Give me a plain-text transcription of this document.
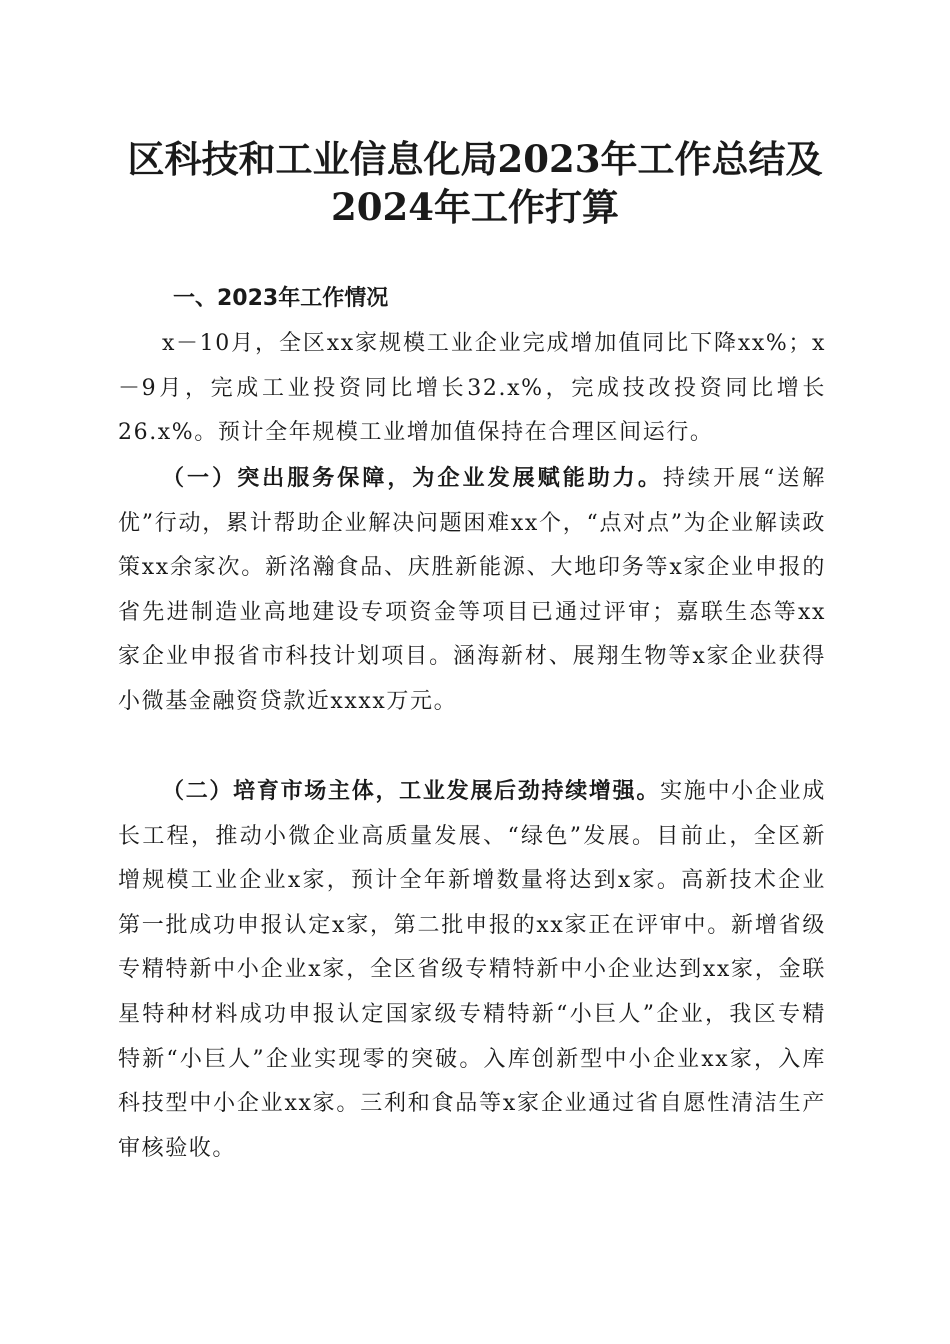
区科技和工业信息化局2023年工作总结及
2024年工作打算
一、2023年工作情况

x－10月，全区xx家规模工业企业完成增加值同比下降xx%；x－9月，完成工业投资同比增长32.x%，完成技改投资同比增长26.x%。预计全年规模工业增加值保持在合理区间运行。

（一）突出服务保障，为企业发展赋能助力。持续开展“送解优”行动，累计帮助企业解决问题困难xx个，“点对点”为企业解读政策xx余家次。新洺瀚食品、庆胜新能源、大地印务等x家企业申报的省先进制造业高地建设专项资金等项目已通过评审；嘉联生态等xx家企业申报省市科技计划项目。涵海新材、展翔生物等x家企业获得小微基金融资贷款近xxxx万元。

（二）培育市场主体，工业发展后劲持续增强。实施中小企业成长工程，推动小微企业高质量发展、“绿色”发展。目前止，全区新增规模工业企业x家，预计全年新增数量将达到x家。高新技术企业第一批成功申报认定x家，第二批申报的xx家正在评审中。新增省级专精特新中小企业x家，全区省级专精特新中小企业达到xx家，金联星特种材料成功申报认定国家级专精特新“小巨人”企业，我区专精特新“小巨人”企业实现零的突破。入库创新型中小企业xx家，入库科技型中小企业xx家。三利和食品等x家企业通过省自愿性清洁生产审核验收。
